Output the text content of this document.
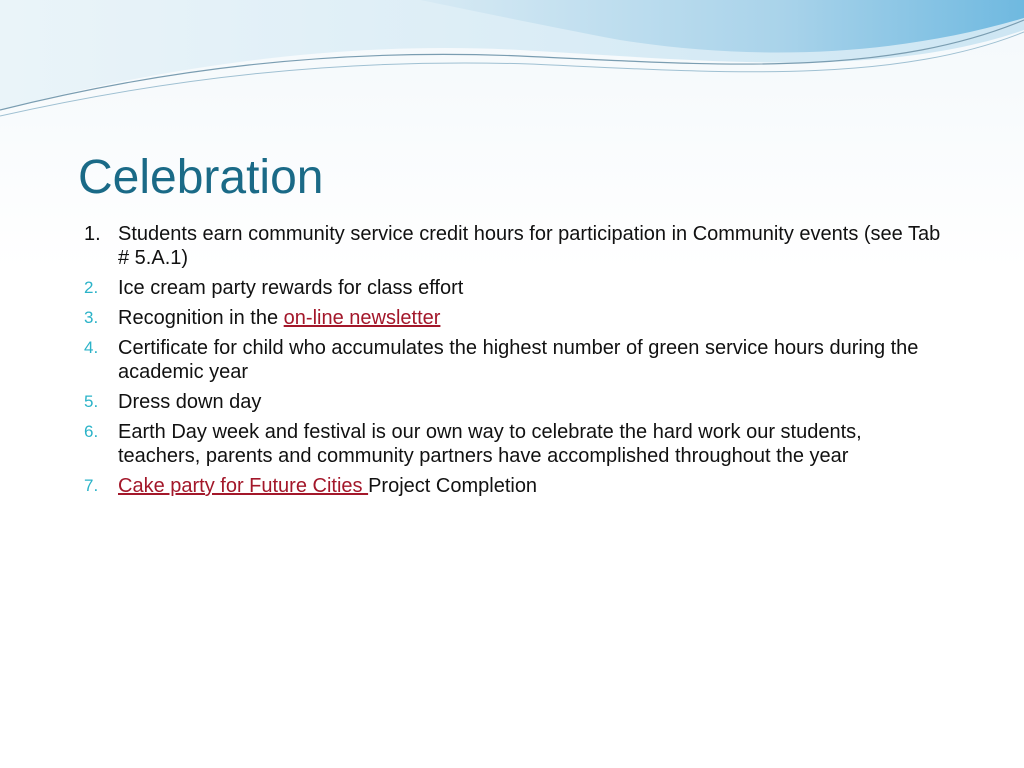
Celebration
1. Students earn community service credit hours for participation in Community events (see Tab # 5.A.1)
2. Ice cream party rewards for class effort
3. Recognition in the on-line newsletter
4. Certificate for child who accumulates the highest number of green service hours during the academic year
5. Dress down day
6. Earth Day week and festival is our own way to celebrate the hard work our students, teachers, parents and community partners have accomplished throughout the year
7. Cake party for Future Cities Project Completion
